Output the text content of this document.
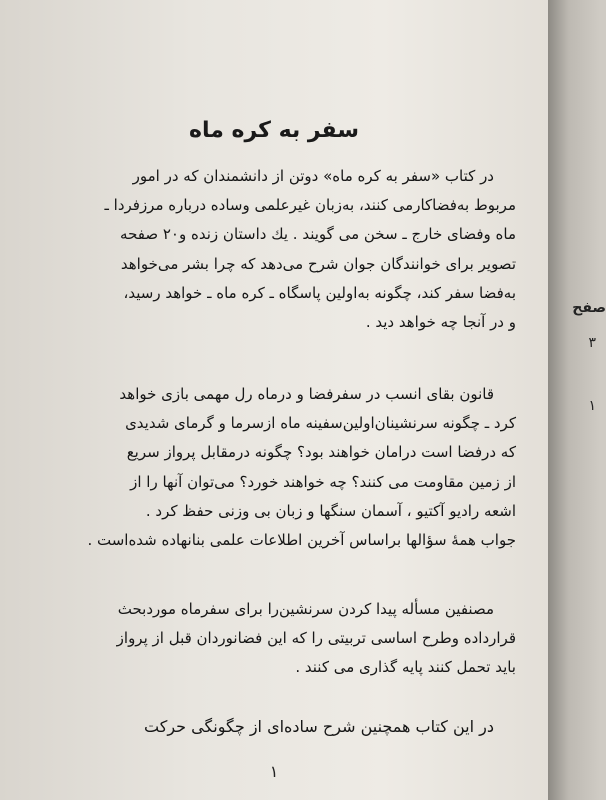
سفر به کره ماه
در کتاب «سفر به کره ماه» دوتن از دانشمندان که در امور
مربوط به‌فضاکارمی کنند، به‌زبان غیرعلمی وساده درباره مرزفردا ـ
ماه وفضای خارج ـ سخن می گویند . یك داستان زنده و۲۰ صفحه
تصویر برای خوانندگان جوان شرح می‌دهد که چرا بشر می‌خواهد
به‌فضا سفر کند، چگونه به‌اولین پاسگاه ـ کره ماه ـ خواهد رسید،
و در آنجا چه خواهد دید .
قانون بقای انسب در سفرفضا و درماه رل مهمی بازی خواهد
کرد ـ چگونه سرنشینان‌اولین‌سفینه ماه ازسرما و گرمای شدیدی
که درفضا است درامان خواهند بود؟ چگونه درمقابل پرواز سریع
از زمین مقاومت می کنند؟ چه خواهند خورد؟ می‌توان آنها را از
اشعه رادیو آکتیو ، آسمان سنگها و زبان بی وزنی حفظ کرد .
جواب همهٔ سؤالها براساس آخرین اطلاعات علمی بنانهاده شده‌است .
مصنفین مسأله پیدا کردن سرنشین‌را برای سفرماه مورد‌بحث
قرارداده وطرح اساسی تربیتی را که این فضانوردان قبل از پرواز
باید تحمل کنند پایه گذاری می کنند .
در این کتاب همچنین شرح ساده‌ای از چگونگی حرکت
۱
صفح
۳
۱
